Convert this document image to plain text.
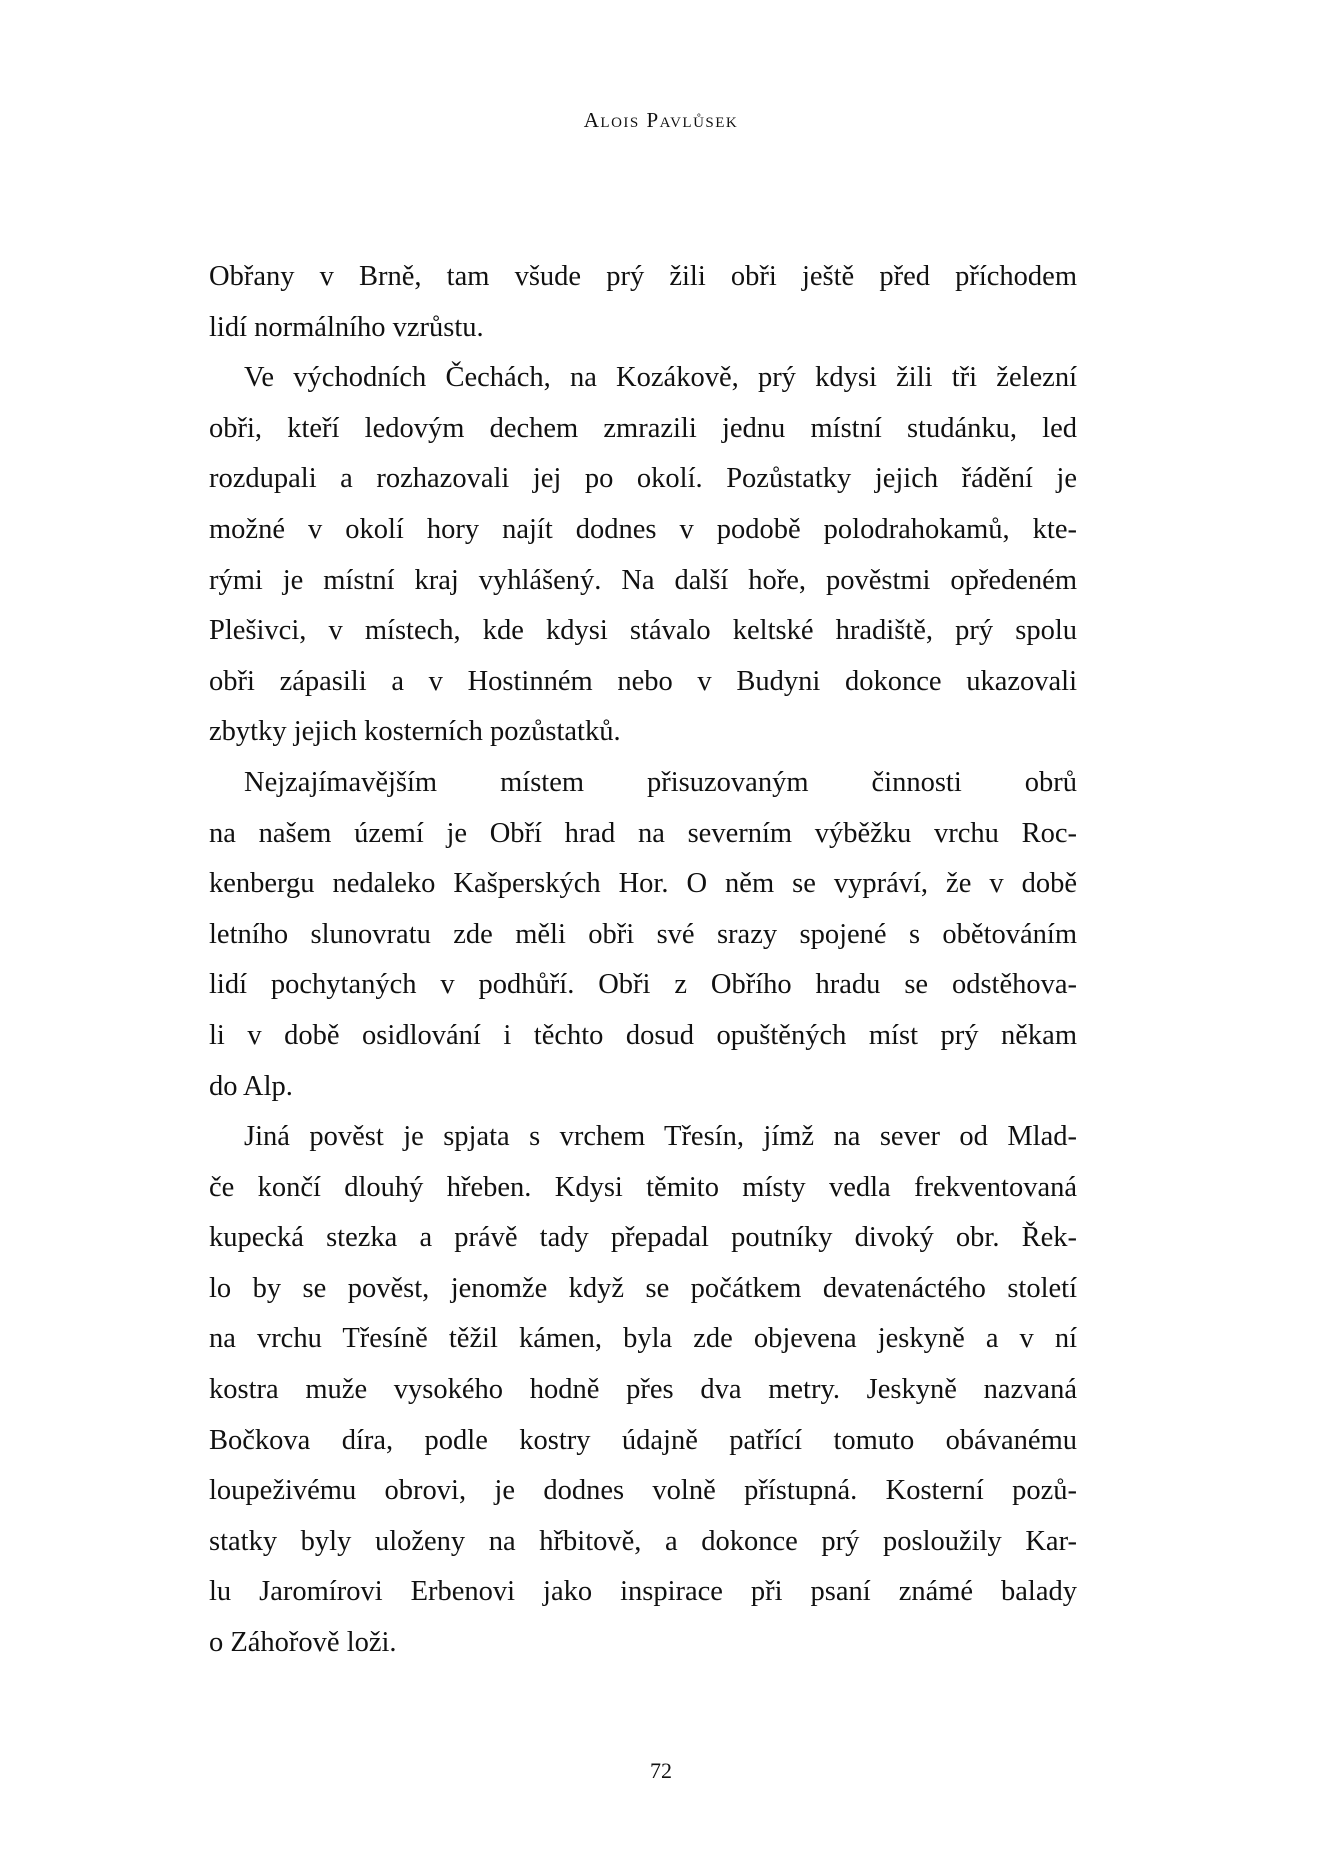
Alois Pavlůsek
Obřany v Brně, tam všude prý žili obři ještě před příchodem
lidí normálního vzrůstu.
Ve východních Čechách, na Kozákově, prý kdysi žili tři železní
obři, kteří ledovým dechem zmrazili jednu místní studánku, led
rozdupali a rozhazovali jej po okolí. Pozůstatky jejich řádění je
možné v okolí hory najít dodnes v podobě polodrahokamů, kte-
rými je místní kraj vyhlášený. Na další hoře, pověstmi opředeném
Plešivci, v místech, kde kdysi stávalo keltské hradiště, prý spolu
obři zápasili a v Hostinném nebo v Budyni dokonce ukazovali
zbytky jejich kosterních pozůstatků.
Nejzajímavějším místem přisuzovaným činnosti obrů
na našem území je Obří hrad na severním výběžku vrchu Roc-
kenbergu nedaleko Kašperských Hor. O něm se vypráví, že v době
letního slunovratu zde měli obři své srazy spojené s obětováním
lidí pochytaných v podhůří. Obři z Obřího hradu se odstěhova-
li v době osidlování i těchto dosud opuštěných míst prý někam
do Alp.
Jiná pověst je spjata s vrchem Třesín, jímž na sever od Mlad-
če končí dlouhý hřeben. Kdysi těmito místy vedla frekventovaná
kupecká stezka a právě tady přepadal poutníky divoký obr. Řek-
lo by se pověst, jenomže když se počátkem devatenáctého století
na vrchu Třesíně těžil kámen, byla zde objevena jeskyně a v ní
kostra muže vysokého hodně přes dva metry. Jeskyně nazvaná
Bočkova díra, podle kostry údajně patřící tomuto obávanému
loupeživému obrovi, je dodnes volně přístupná. Kosterní pozů-
statky byly uloženy na hřbitově, a dokonce prý posloužily Kar-
lu Jaromírovi Erbenovi jako inspirace při psaní známé balady
o Záhořově loži.
72
